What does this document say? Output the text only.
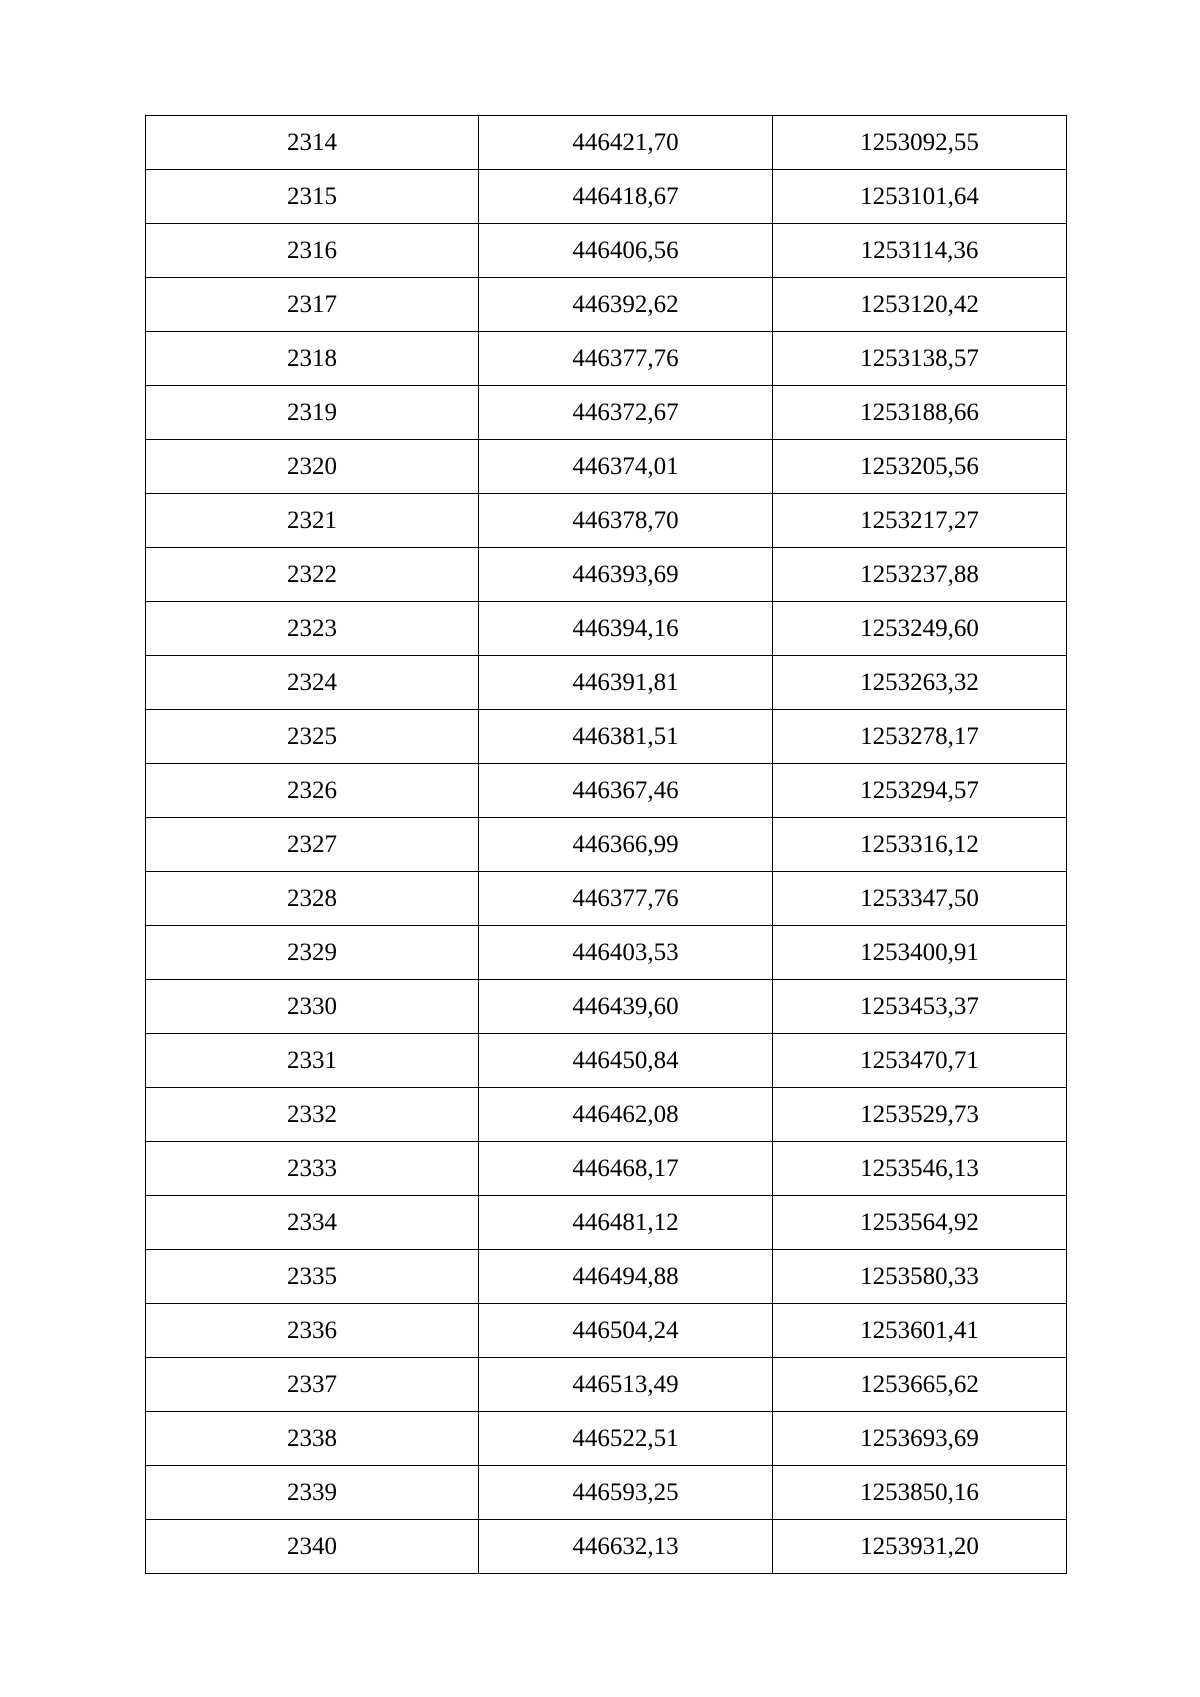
2314	446421,70	1253092,55
2315	446418,67	1253101,64
2316	446406,56	1253114,36
2317	446392,62	1253120,42
2318	446377,76	1253138,57
2319	446372,67	1253188,66
2320	446374,01	1253205,56
2321	446378,70	1253217,27
2322	446393,69	1253237,88
2323	446394,16	1253249,60
2324	446391,81	1253263,32
2325	446381,51	1253278,17
2326	446367,46	1253294,57
2327	446366,99	1253316,12
2328	446377,76	1253347,50
2329	446403,53	1253400,91
2330	446439,60	1253453,37
2331	446450,84	1253470,71
2332	446462,08	1253529,73
2333	446468,17	1253546,13
2334	446481,12	1253564,92
2335	446494,88	1253580,33
2336	446504,24	1253601,41
2337	446513,49	1253665,62
2338	446522,51	1253693,69
2339	446593,25	1253850,16
2340	446632,13	1253931,20
